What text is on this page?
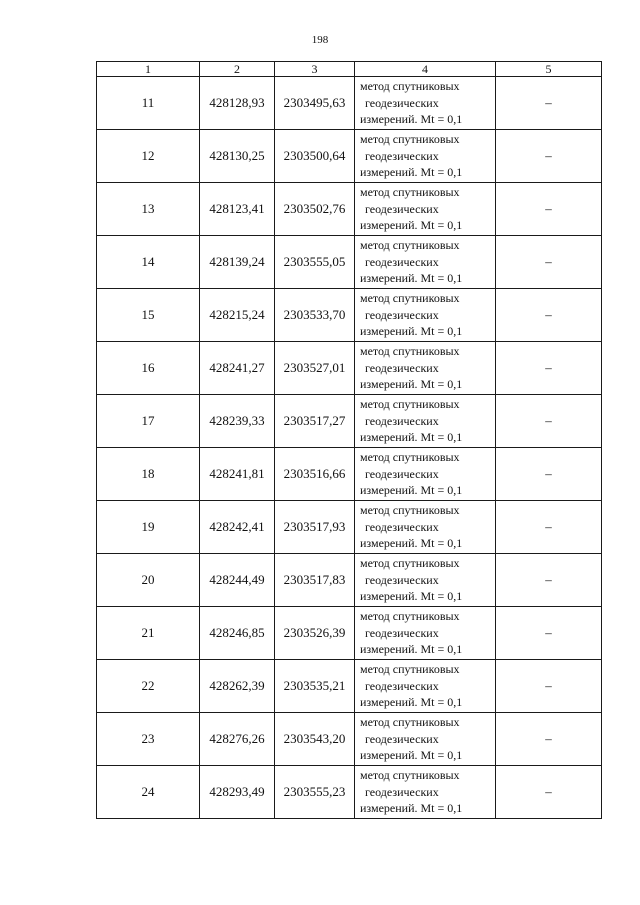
198
1	2	3	4	5
11	428128,93	2303495,63	метод спутниковых
геодезических
измерений. Mt = 0,1	–
12	428130,25	2303500,64	метод спутниковых
геодезических
измерений. Mt = 0,1	–
13	428123,41	2303502,76	метод спутниковых
геодезических
измерений. Mt = 0,1	–
14	428139,24	2303555,05	метод спутниковых
геодезических
измерений. Mt = 0,1	–
15	428215,24	2303533,70	метод спутниковых
геодезических
измерений. Mt = 0,1	–
16	428241,27	2303527,01	метод спутниковых
геодезических
измерений. Mt = 0,1	–
17	428239,33	2303517,27	метод спутниковых
геодезических
измерений. Mt = 0,1	–
18	428241,81	2303516,66	метод спутниковых
геодезических
измерений. Mt = 0,1	–
19	428242,41	2303517,93	метод спутниковых
геодезических
измерений. Mt = 0,1	–
20	428244,49	2303517,83	метод спутниковых
геодезических
измерений. Mt = 0,1	–
21	428246,85	2303526,39	метод спутниковых
геодезических
измерений. Mt = 0,1	–
22	428262,39	2303535,21	метод спутниковых
геодезических
измерений. Mt = 0,1	–
23	428276,26	2303543,20	метод спутниковых
геодезических
измерений. Mt = 0,1	–
24	428293,49	2303555,23	метод спутниковых
геодезических
измерений. Mt = 0,1	–
